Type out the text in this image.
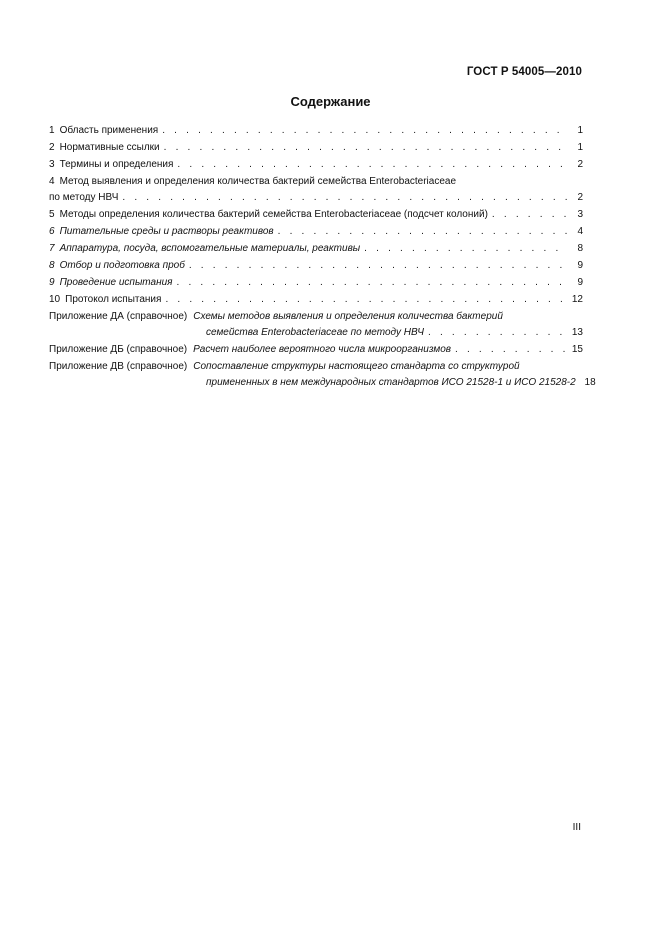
ГОСТ Р 54005—2010
Содержание
1 Область применения . . .	1
2 Нормативные ссылки . . .	1
3 Термины и определения . . .	2
4 Метод выявления и определения количества бактерий семейства Enterobacteriaceae
по методу НВЧ . . .	2
5 Методы определения количества бактерий семейства Enterobacteriaceae (подсчет колоний) . . .	3
6 Питательные среды и растворы реактивов . . .	4
7 Аппаратура, посуда, вспомогательные материалы, реактивы . . .	8
8 Отбор и подготовка проб . . .	9
9 Проведение испытания . . .	9
10 Протокол испытания . . .	12
Приложение ДА (справочное) Схемы методов выявления и определения количества бактерий
семейства Enterobacteriaceae по методу НВЧ . . .	13
Приложение ДБ (справочное) Расчет наиболее вероятного числа микроорганизмов . . .	15
Приложение ДВ (справочное) Сопоставление структуры настоящего стандарта со структурой
примененных в нем международных стандартов ИСО 21528-1 и ИСО 21528-2 18
III
